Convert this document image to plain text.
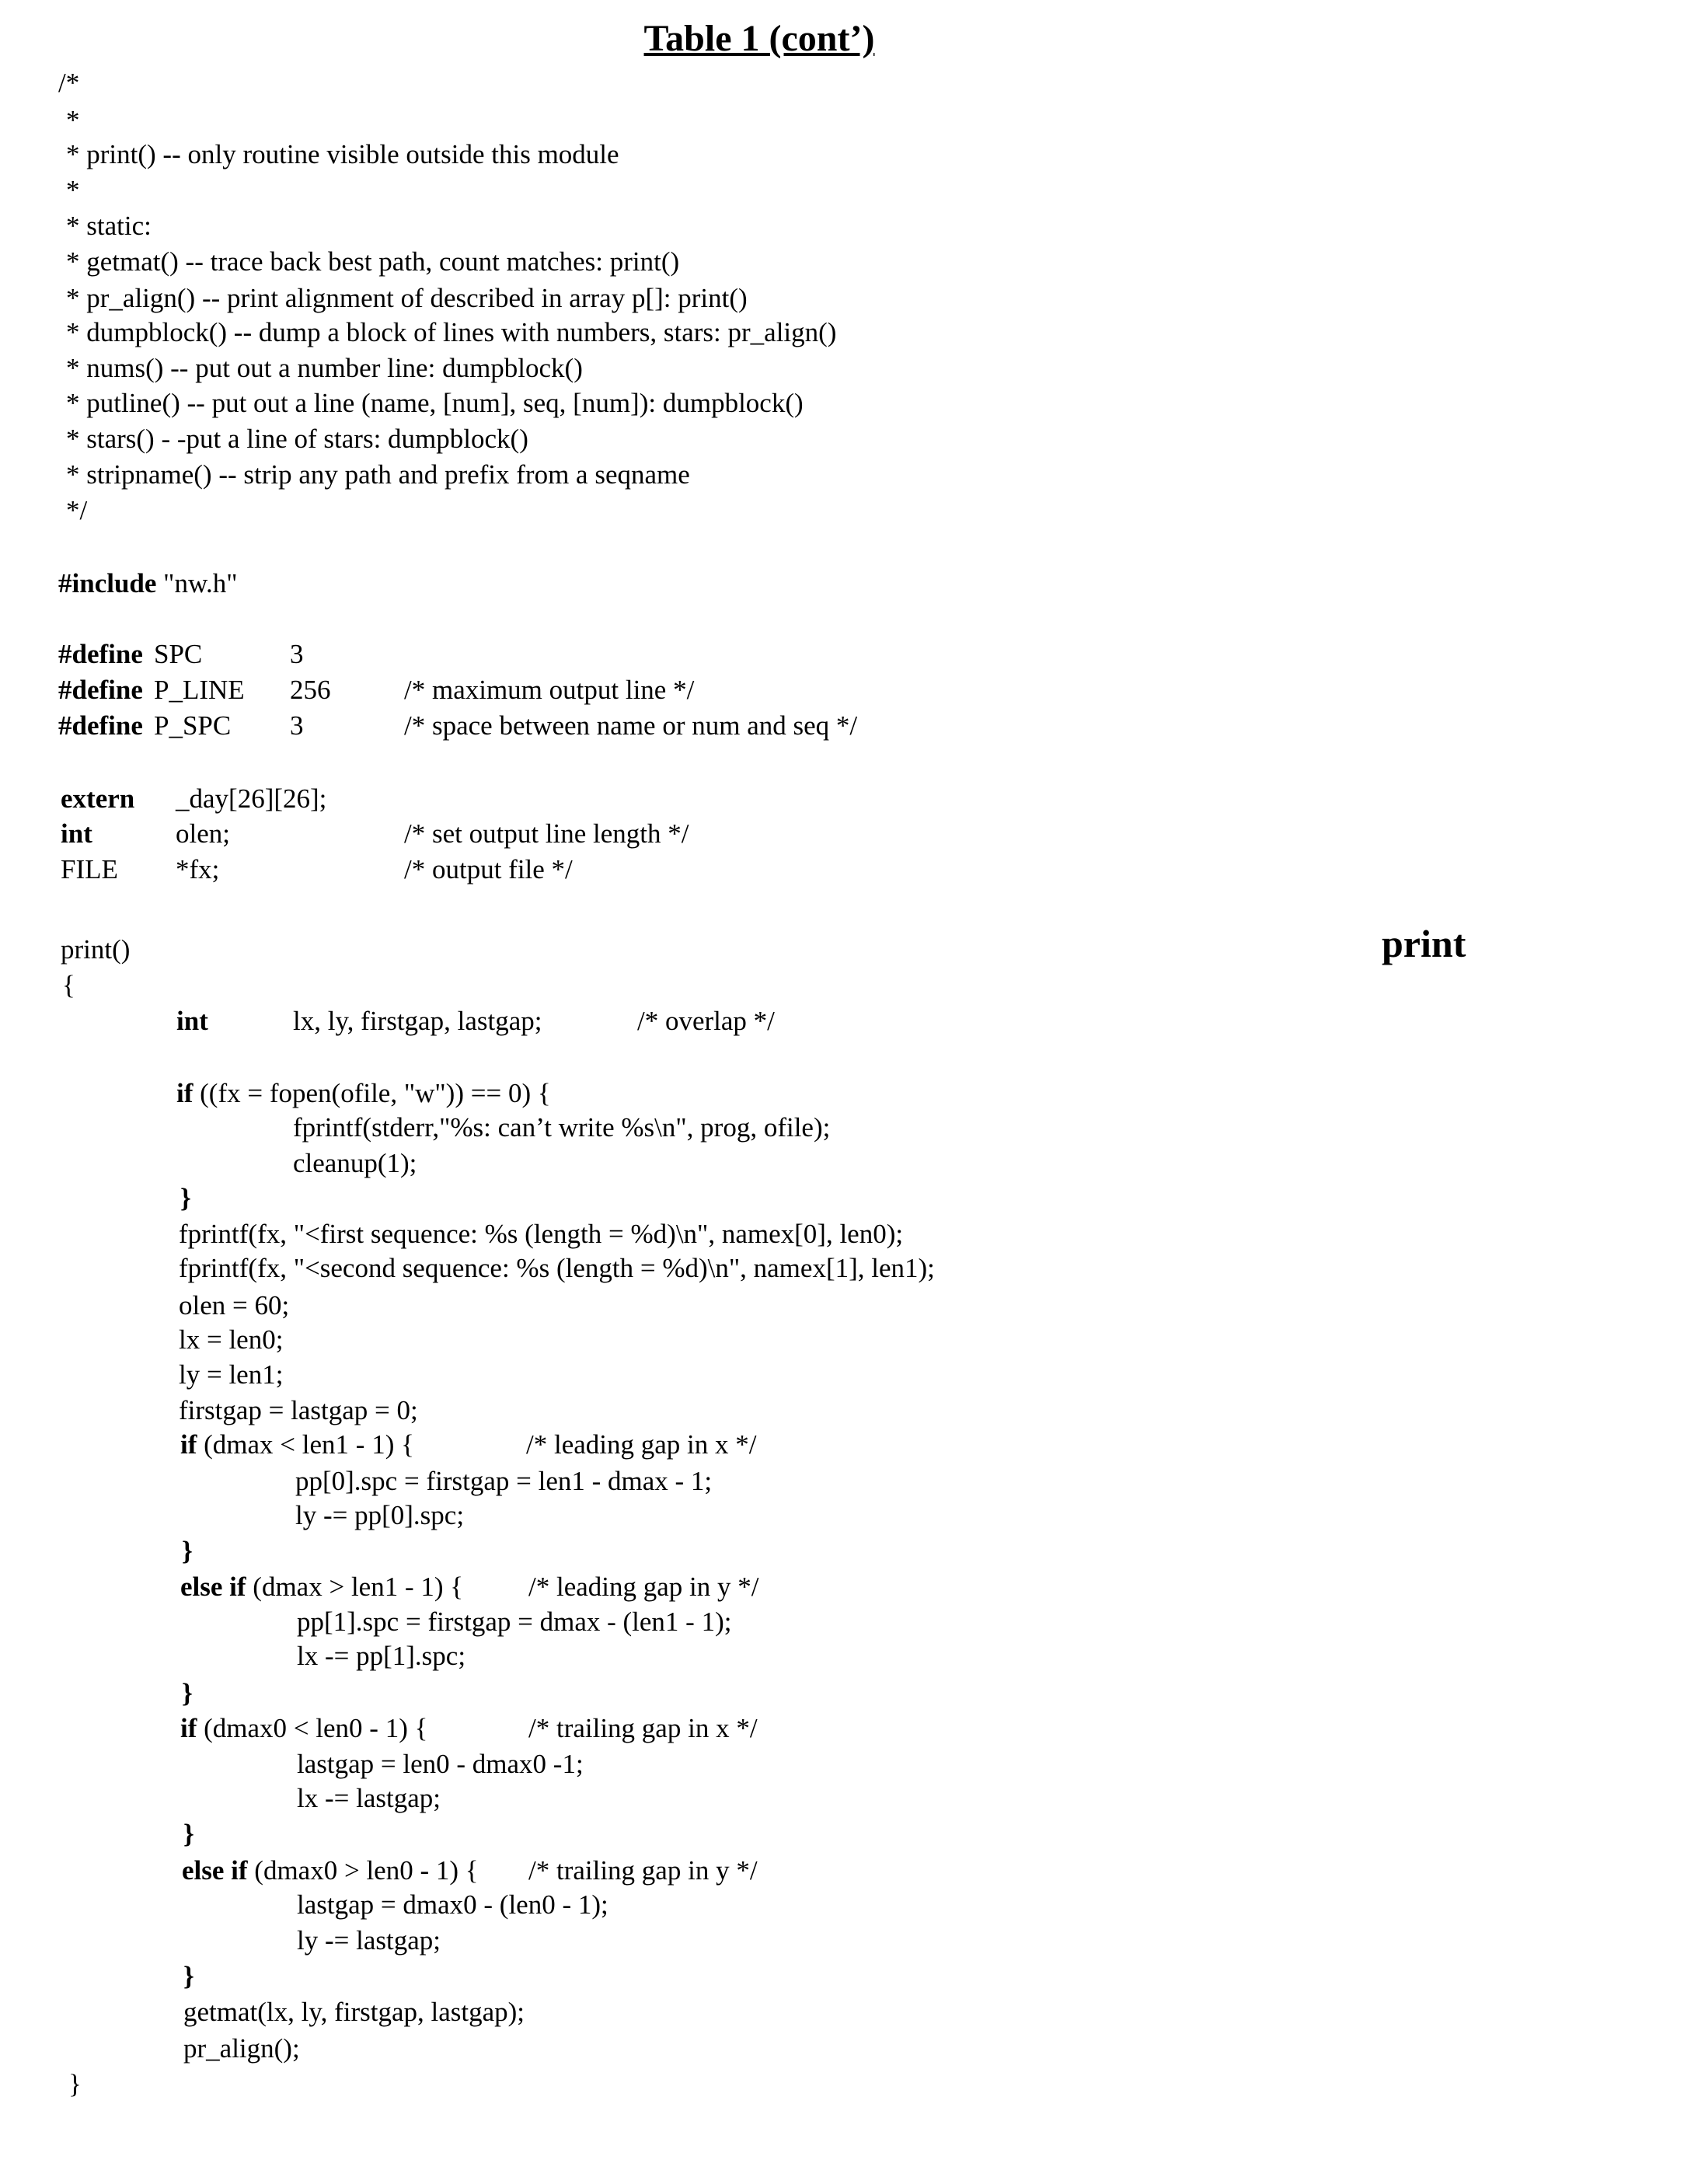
Table 1 (cont’)
print
/*
*
* print() -- only routine visible outside this module
*
* static:
* getmat() -- trace back best path, count matches: print()
* pr_align() -- print alignment of described in array p[]: print()
* dumpblock() -- dump a block of lines with numbers, stars: pr_align()
* nums() -- put out a number line: dumpblock()
* putline() -- put out a line (name, [num], seq, [num]): dumpblock()
* stars() - -put a line of stars: dumpblock()
* stripname() -- strip any path and prefix from a seqname
*/
#include "nw.h"
#define SPC	3
#define P_LINE 256	/* maximum output line */
#define P_SPC 3	/* space between name or num and seq */
extern _day[26][26];
int	olen;	/* set output line length */
FILE *fx;	/* output file */
print()
{
int	lx, ly, firstgap, lastgap;	/* overlap */
if ((fx = fopen(ofile, "w")) == 0) {
fprintf(stderr,"%s: can’t write %s\n", prog, ofile);
cleanup(1);
}
fprintf(fx, "<first sequence: %s (length = %d)\n", namex[0], len0);
fprintf(fx, "<second sequence: %s (length = %d)\n", namex[1], len1);
olen = 60;
lx = len0;
ly = len1;
firstgap = lastgap = 0;
if (dmax < len1 - 1) {	/* leading gap in x */
pp[0].spc = firstgap = len1 - dmax - 1;
ly -= pp[0].spc;
}
else if (dmax > len1 - 1) { /* leading gap in y */
pp[1].spc = firstgap = dmax - (len1 - 1);
lx -= pp[1].spc;
}
if (dmax0 < len0 - 1) {	/* trailing gap in x */
lastgap = len0 - dmax0 -1;
lx -= lastgap;
}
else if (dmax0 > len0 - 1) { /* trailing gap in y */
lastgap = dmax0 - (len0 - 1);
ly -= lastgap;
}
getmat(lx, ly, firstgap, lastgap);
pr_align();
}
